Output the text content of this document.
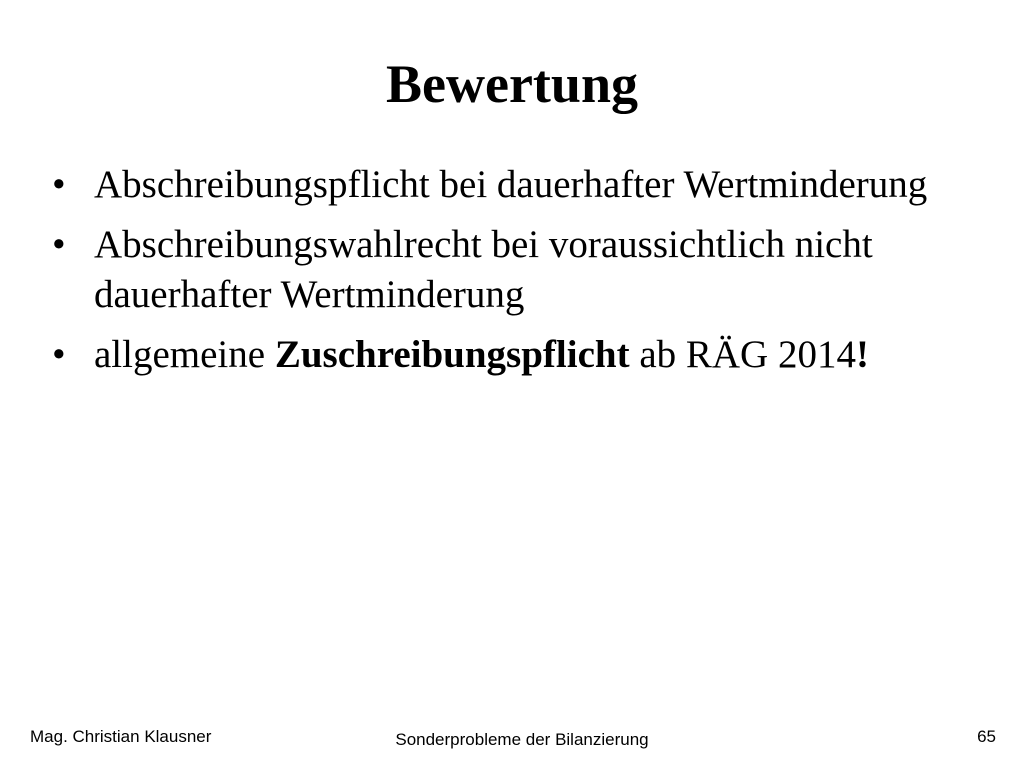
Bewertung
• Abschreibungspflicht bei dauerhafter Wertminderung
• Abschreibungswahlrecht bei voraussichtlich nicht dauerhafter Wertminderung
• allgemeine Zuschreibungspflicht ab RÄG 2014!
Mag. Christian Klausner	Sonderprobleme der Bilanzierung	65
